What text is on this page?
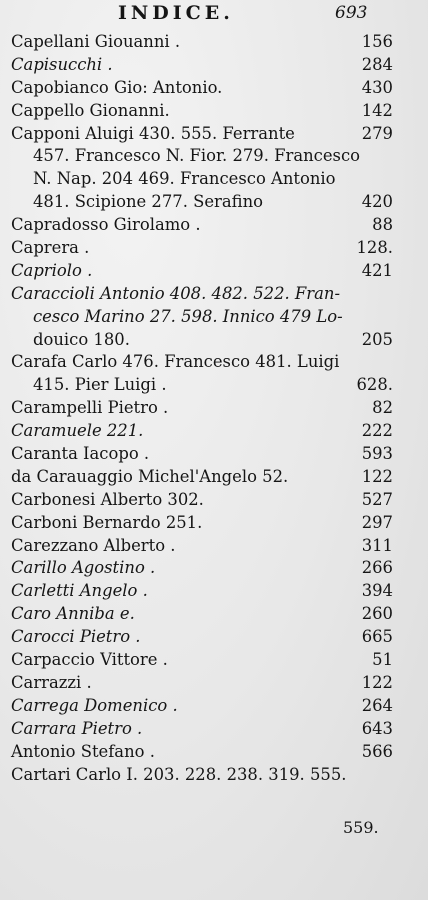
INDICE.	693
Capellani Giouanni .	156
Capisucchi .	284
Capobianco Gio: Antonio.	430
Cappello Gionanni.	142
Capponi Aluigi 430. 555. Ferrante	279
457. Francesco N. Fior. 279. Francesco
N. Nap. 204 469. Francesco Antonio
481. Scipione 277. Serafino	420
Capradosso Girolamo .	88
Caprera .	128.
Capriolo .	421
Caraccioli Antonio 408. 482. 522. Fran-
cesco Marino 27. 598. Innico 479 Lo-
douico 180.	205
Carafa Carlo 476. Francesco 481. Luigi
415. Pier Luigi .	628.
Carampelli Pietro .	82
Caramuele 221.	222
Caranta Iacopo .	593
da Carauaggio Michel'Angelo 52.	122
Carbonesi Alberto 302.	527
Carboni Bernardo 251.	297
Carezzano Alberto .	311
Carillo Agostino .	266
Carletti Angelo .	394
Caro Anniba e.	260
Carocci Pietro .	665
Carpaccio Vittore .	51
Carrazzi .	122
Carrega Domenico .	264
Carrara Pietro .	643
Antonio Stefano .	566
Cartari Carlo I. 203. 228. 238. 319. 555.
559.
